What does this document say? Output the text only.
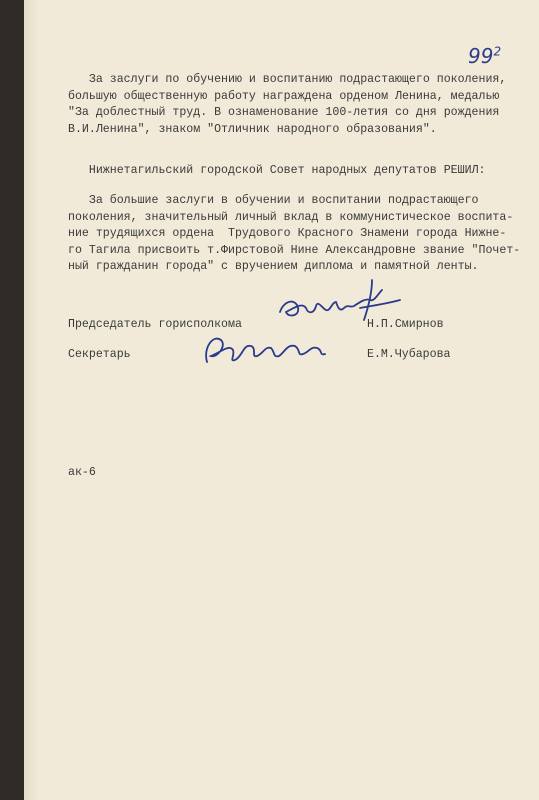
$99^2$
За заслуги по обучению и воспитанию подрастающего поколения,
большую общественную работу награждена орденом Ленина, медалью
"За доблестный труд. В ознаменование 100-летия со дня рождения
В.И.Ленина", знаком "Отличник народного образования".
Нижнетагильский городской Совет народных депутатов РЕШИЛ:
За большие заслуги в обучении и воспитании подрастающего
поколения, значительный личный вклад в коммунистическое воспита-
ние трудящихся ордена  Трудового Красного Знамени города Нижне-
го Тагила присвоить т.Фирстовой Нине Александровне звание "Почет-
ный гражданин города" с вручением диплома и памятной ленты.
Председатель горисполкома	Н.П.Смирнов
Секретарь	Е.М.Чубарова
ак-6
